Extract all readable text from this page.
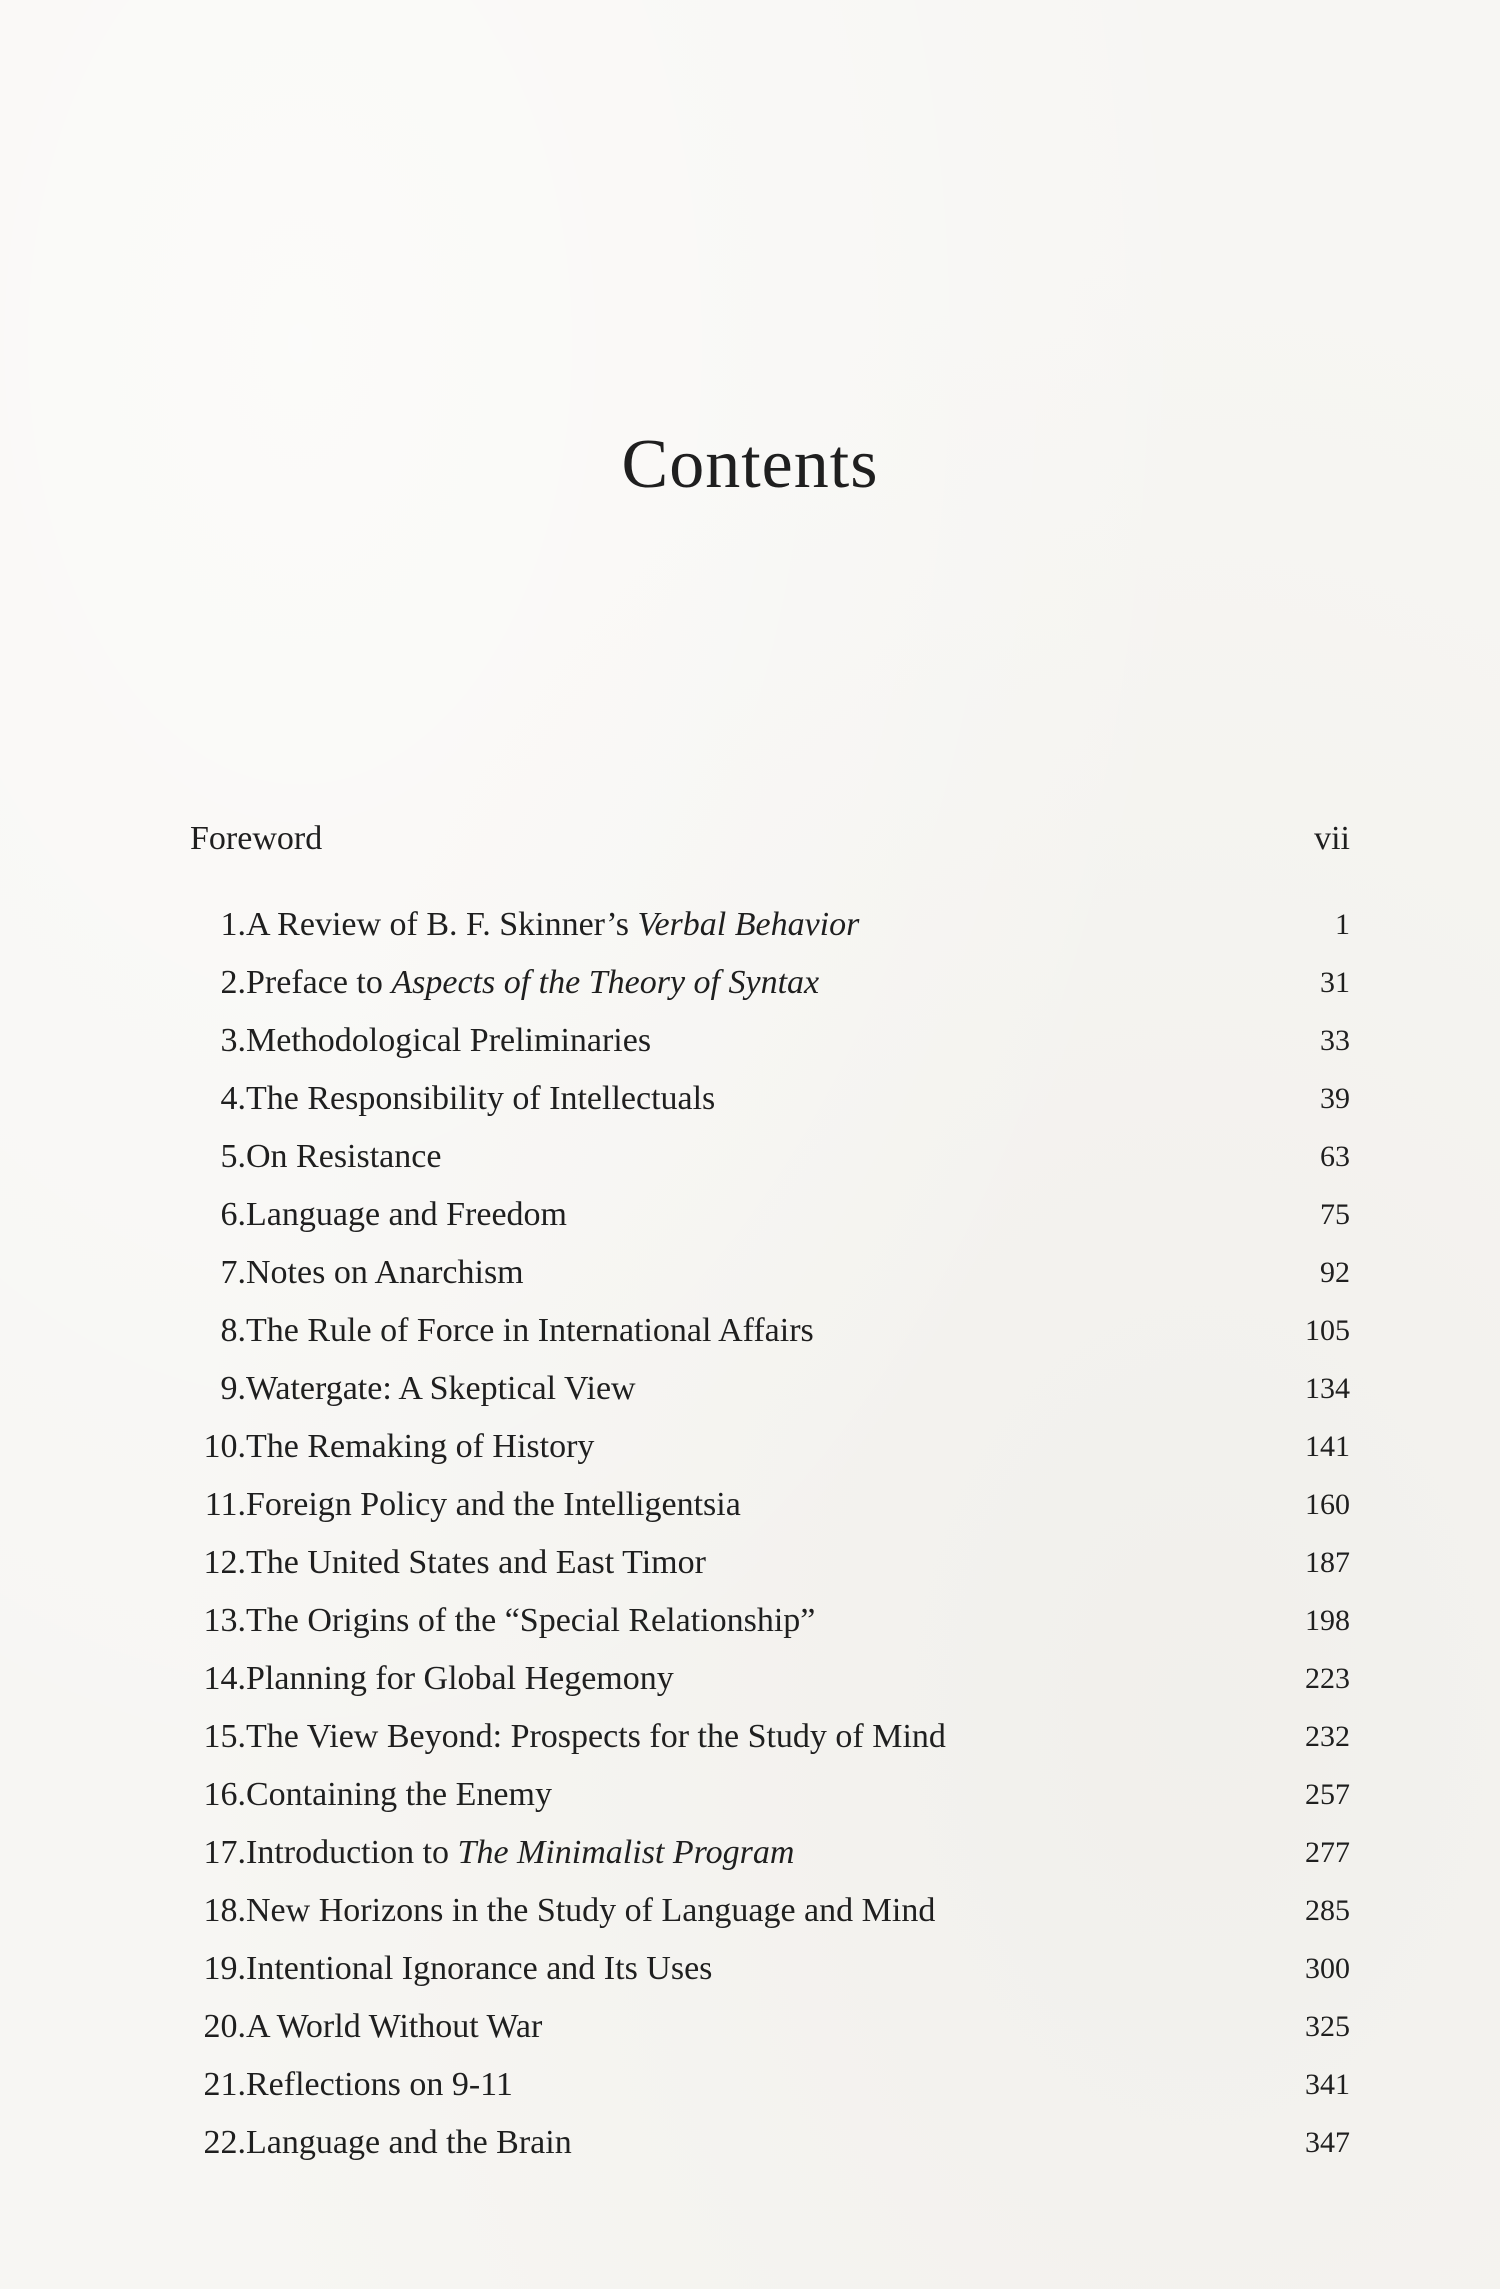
Contents
Foreword	vii
1. A Review of B. F. Skinner’s Verbal Behavior	1
2. Preface to Aspects of the Theory of Syntax	31
3. Methodological Preliminaries	33
4. The Responsibility of Intellectuals	39
5. On Resistance	63
6. Language and Freedom	75
7. Notes on Anarchism	92
8. The Rule of Force in International Affairs	105
9. Watergate: A Skeptical View	134
10. The Remaking of History	141
11. Foreign Policy and the Intelligentsia	160
12. The United States and East Timor	187
13. The Origins of the “Special Relationship”	198
14. Planning for Global Hegemony	223
15. The View Beyond: Prospects for the Study of Mind	232
16. Containing the Enemy	257
17. Introduction to The Minimalist Program	277
18. New Horizons in the Study of Language and Mind	285
19. Intentional Ignorance and Its Uses	300
20. A World Without War	325
21. Reflections on 9-11	341
22. Language and the Brain	347
